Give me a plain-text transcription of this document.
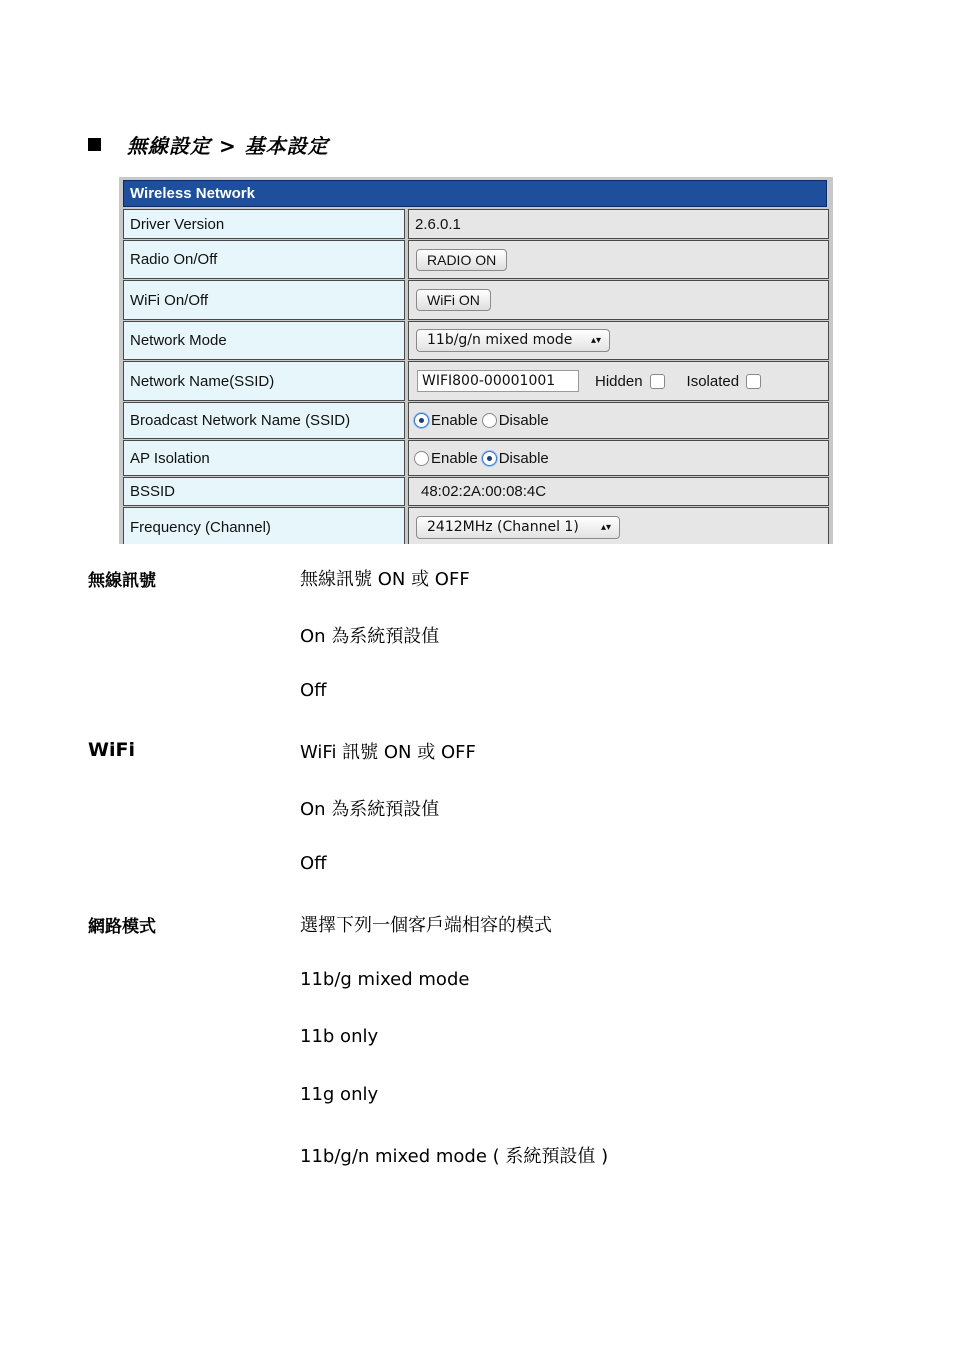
無線設定 > 基本設定
Wireless Network
Driver Version	2.6.0.1
Radio On/Off	RADIO ON
WiFi On/Off	WiFi ON
Network Mode	11b/g/n mixed mode ▴▾
Network Name(SSID)	WIFI800-00001001	Hidden	Isolated
Broadcast Network Name (SSID)	Enable Disable
AP Isolation	Enable Disable
BSSID	48:02:2A:00:08:4C
Frequency (Channel)	2412MHz (Channel 1) ▴▾
無線訊號	無線訊號 ON 或 OFF
On 為系統預設值
Off
WiFi	WiFi 訊號 ON 或 OFF
On 為系統預設值
Off
網路模式	選擇下列一個客戶端相容的模式
11b/g mixed mode
11b only
11g only
11b/g/n mixed mode ( 系統預設值 )
